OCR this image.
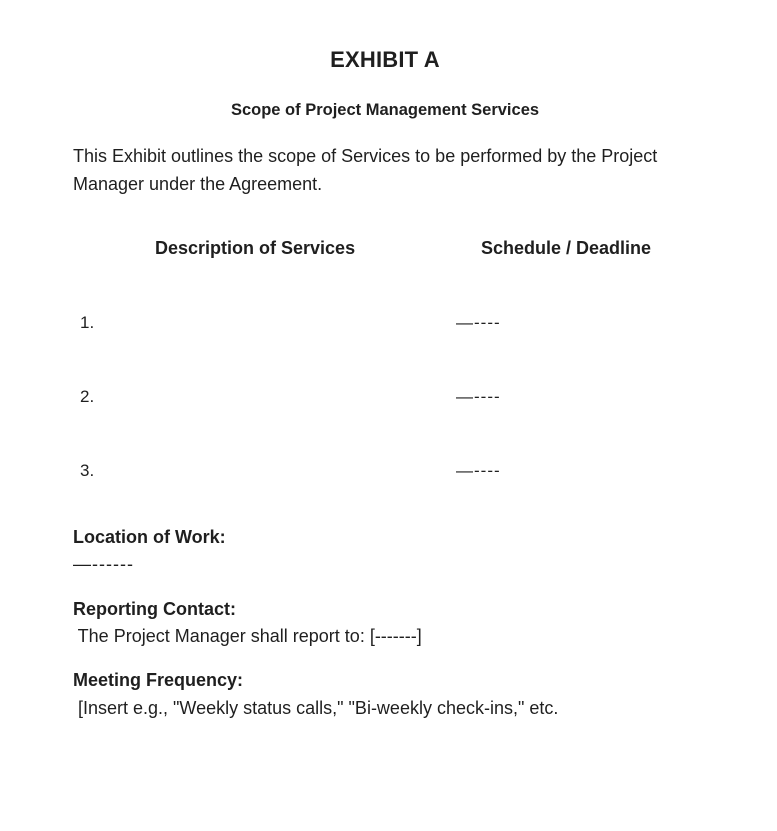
EXHIBIT A
Scope of Project Management Services
This Exhibit outlines the scope of Services to be performed by the Project Manager under the Agreement.
Description of Services	Schedule / Deadline
1.	—----
2.	—----
3.	—----
Location of Work:
—------
Reporting Contact:
The Project Manager shall report to: [-------]
Meeting Frequency:
[Insert e.g., "Weekly status calls," "Bi-weekly check-ins," etc.
